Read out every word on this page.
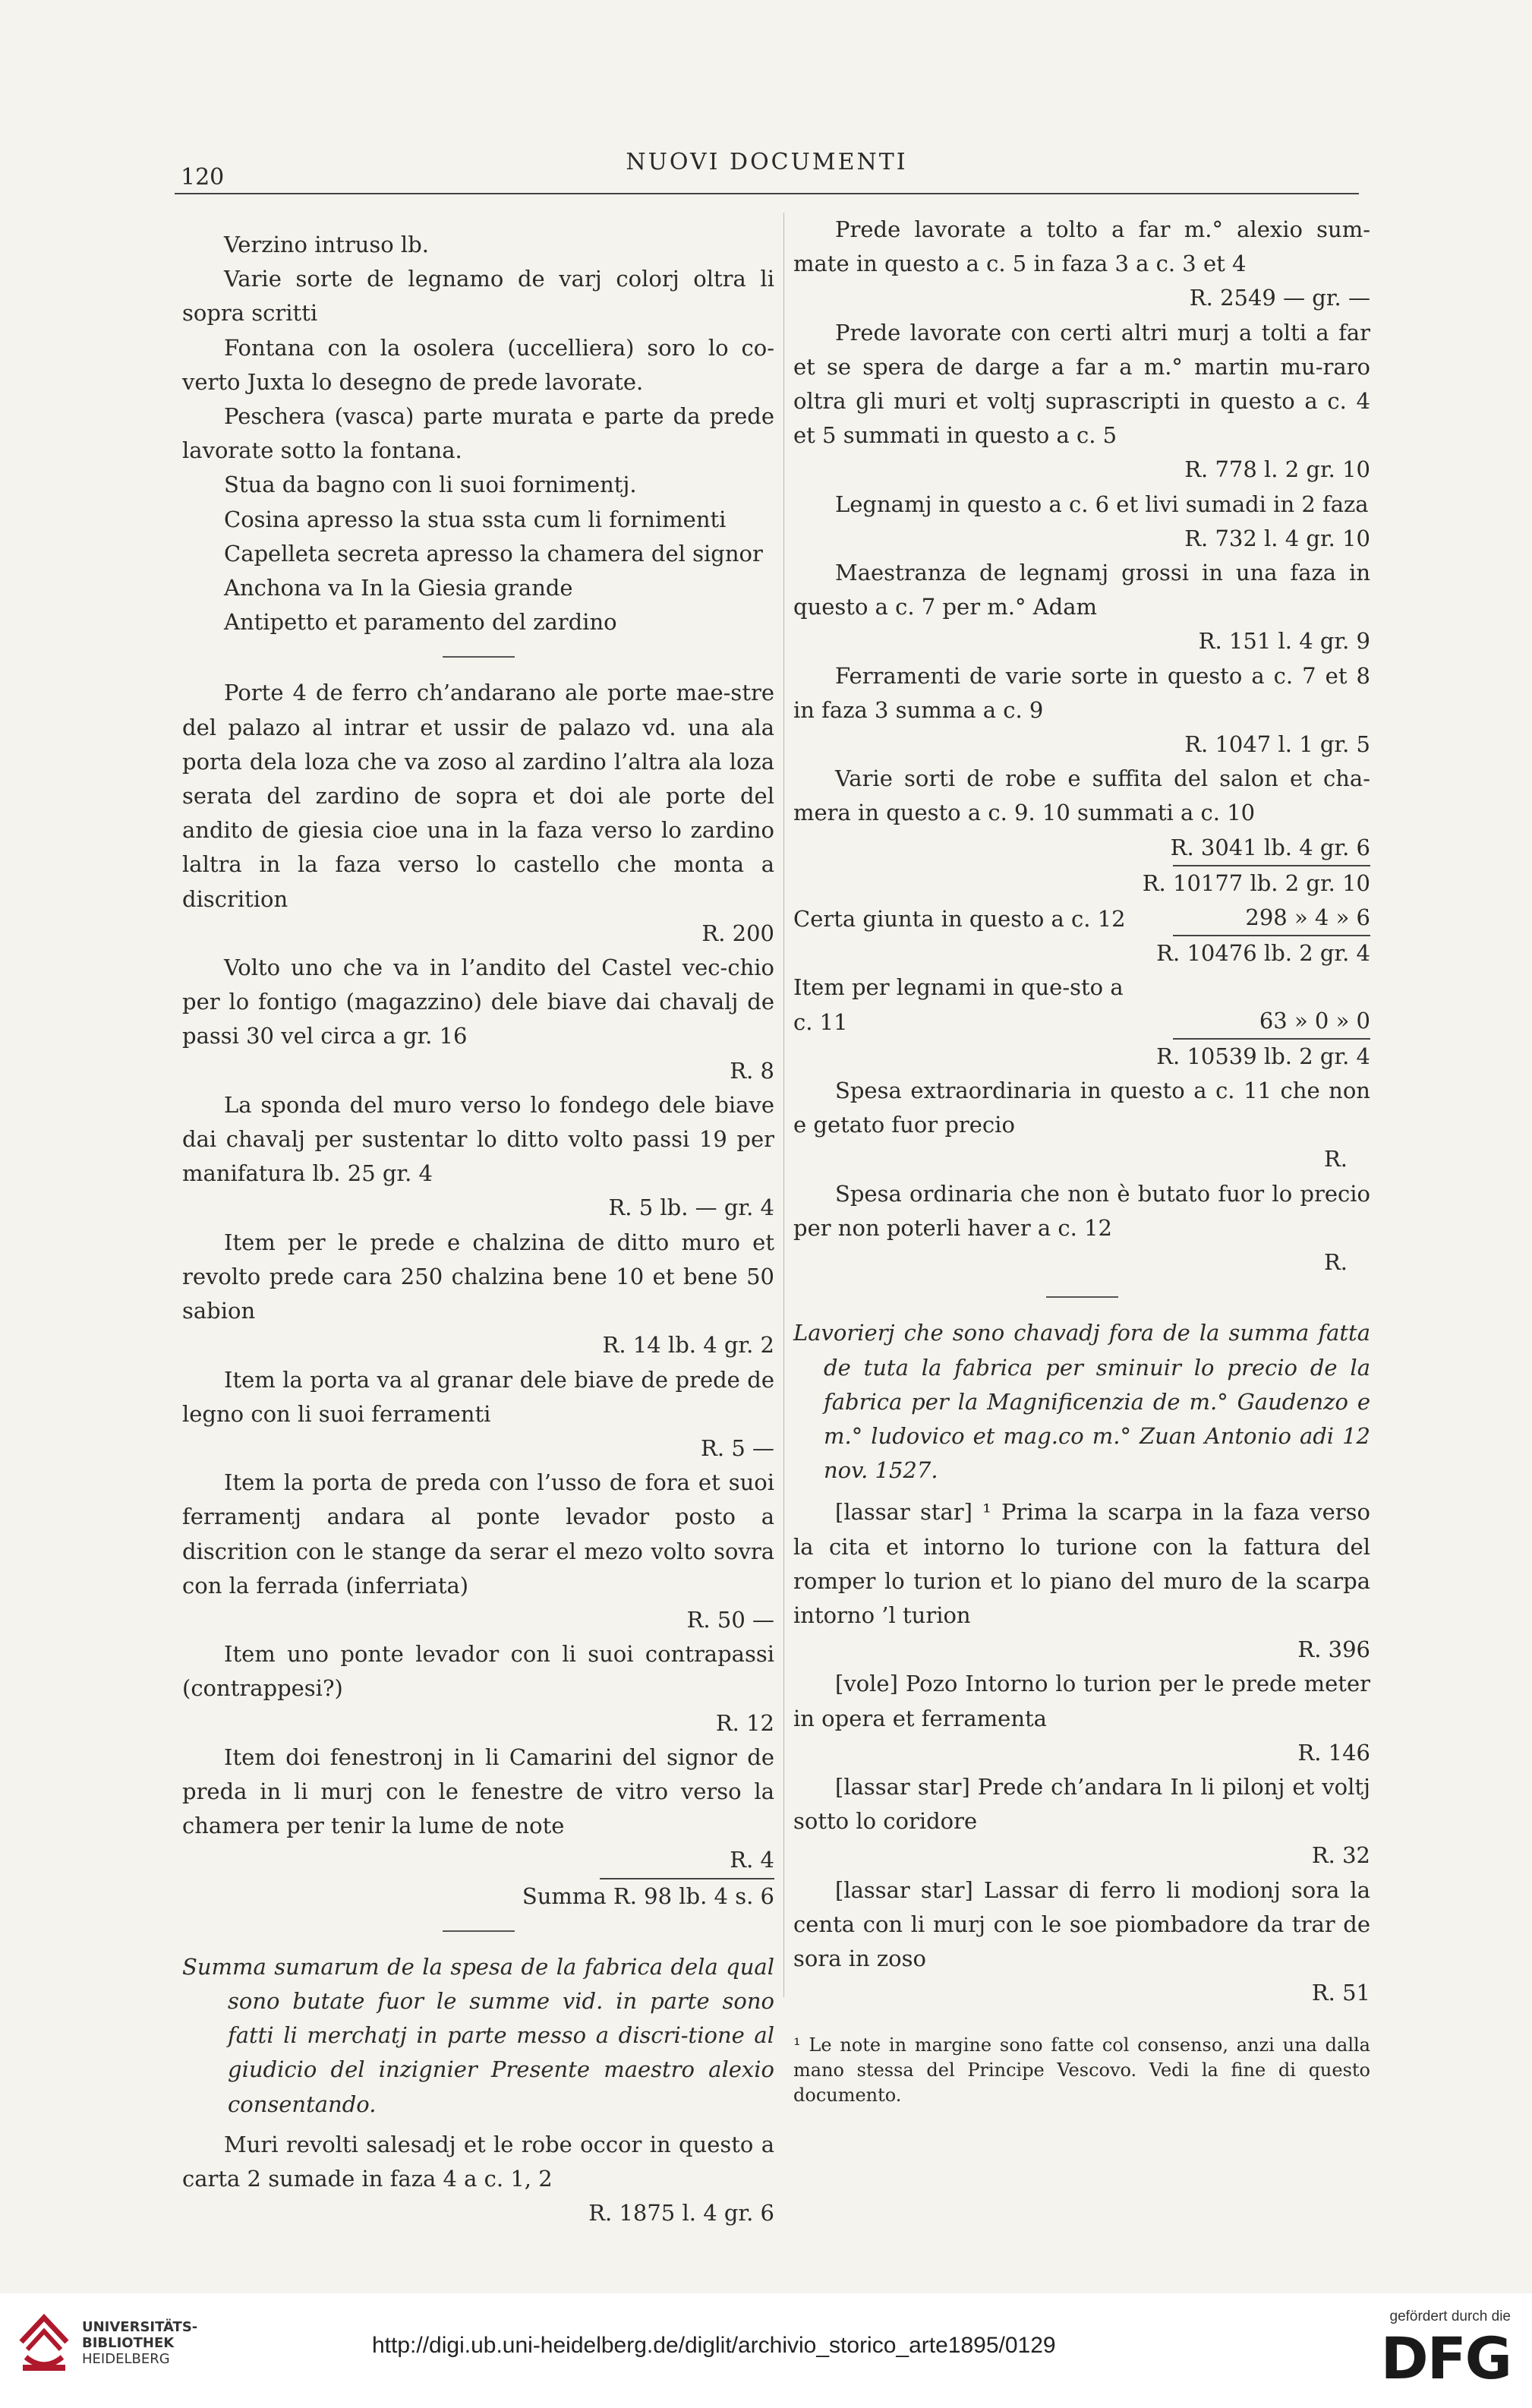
120
NUOVI DOCUMENTI

Verzino intruso lb.

Varie sorte de legnamo de varj colorj oltra li sopra scritti

Fontana con la osolera (uccelliera) soro lo co-verto Juxta lo desegno de prede lavorate.

Peschera (vasca) parte murata e parte da prede lavorate sotto la fontana.

Stua da bagno con li suoi fornimentj.

Cosina apresso la stua ssta cum li fornimenti

Capelleta secreta apresso la chamera del signor

Anchona va In la Giesia grande

Antipetto et paramento del zardino

Porte 4 de ferro ch’andarano ale porte mae-stre del palazo al intrar et ussir de palazo vd. una ala porta dela loza che va zoso al zardino l’altra ala loza serata del zardino de sopra et doi ale porte del andito de giesia cioe una in la faza verso lo zardino laltra in la faza verso lo castello che monta a discrition

R. 200

Volto uno che va in l’andito del Castel vec-chio per lo fontigo (magazzino) dele biave dai chavalj de passi 30 vel circa a gr. 16

R. 8

La sponda del muro verso lo fondego dele biave dai chavalj per sustentar lo ditto volto passi 19 per manifatura lb. 25 gr. 4

R. 5 lb. — gr. 4

Item per le prede e chalzina de ditto muro et revolto prede cara 250 chalzina bene 10 et bene 50 sabion

R. 14 lb. 4 gr. 2

Item la porta va al granar dele biave de prede de legno con li suoi ferramenti

R. 5 —

Item la porta de preda con l’usso de fora et suoi ferramentj andara al ponte levador posto a discrition con le stange da serar el mezo volto sovra con la ferrada (inferriata)

R. 50 —

Item uno ponte levador con li suoi contrapassi (contrappesi?)

R. 12

Item doi fenestronj in li Camarini del signor de preda in li murj con le fenestre de vitro verso la chamera per tenir la lume de note

R. 4

Summa R. 98 lb. 4 s. 6

Summa sumarum de la spesa de la fabrica dela qual sono butate fuor le summe vid. in parte sono fatti li merchatj in parte messo a discri-tione al giudicio del inzignier Presente maestro alexio consentando.

Muri revolti salesadj et le robe occor in questo a carta 2 sumade in faza 4 a c. 1, 2

R. 1875 l. 4 gr. 6

Prede lavorate a tolto a far m.° alexio sum-mate in questo a c. 5 in faza 3 a c. 3 et 4

R. 2549 — gr. —

Prede lavorate con certi altri murj a tolti a far et se spera de darge a far a m.° martin mu-raro oltra gli muri et voltj suprascripti in questo a c. 4 et 5 summati in questo a c. 5

R. 778 l. 2 gr. 10

Legnamj in questo a c. 6 et livi sumadi in 2 faza

R. 732 l. 4 gr. 10

Maestranza de legnamj grossi in una faza in questo a c. 7 per m.° Adam

R. 151 l. 4 gr. 9

Ferramenti de varie sorte in questo a c. 7 et 8 in faza 3 summa a c. 9

R. 1047 l. 1 gr. 5

Varie sorti de robe e suffita del salon et cha-mera in questo a c. 9. 10 summati a c. 10

R. 3041 lb. 4 gr. 6

R. 10177 lb. 2 gr. 10

Certa giunta in questo a c. 12	298 » 4 » 6

R. 10476 lb. 2 gr. 4

Item per legnami in que-sto a c. 11	63 » 0 » 0

R. 10539 lb. 2 gr. 4

Spesa extraordinaria in questo a c. 11 che non e getato fuor precio

R.

Spesa ordinaria che non è butato fuor lo precio per non poterli haver a c. 12

R.

Lavorierj che sono chavadj fora de la summa fatta de tuta la fabrica per sminuir lo precio de la fabrica per la Magnificenzia de m.° Gaudenzo e m.° ludovico et mag.co m.° Zuan Antonio adi 12 nov. 1527.

[lassar star] ¹ Prima la scarpa in la faza verso la cita et intorno lo turione con la fattura del romper lo turion et lo piano del muro de la scarpa intorno ’l turion

R. 396

[vole] Pozo Intorno lo turion per le prede meter in opera et ferramenta

R. 146

[lassar star] Prede ch’andara In li pilonj et voltj sotto lo coridore

R. 32

[lassar star] Lassar di ferro li modionj sora la centa con li murj con le soe piombadore da trar de sora in zoso

R. 51

¹ Le note in margine sono fatte col consenso, anzi una dalla mano stessa del Principe Vescovo. Vedi la fine di questo documento.

UNIVERSITÄTS-
BIBLIOTHEK
HEIDELBERG
http://digi.ub.uni-heidelberg.de/diglit/archivio_storico_arte1895/0129
gefördert durch die
DFG
